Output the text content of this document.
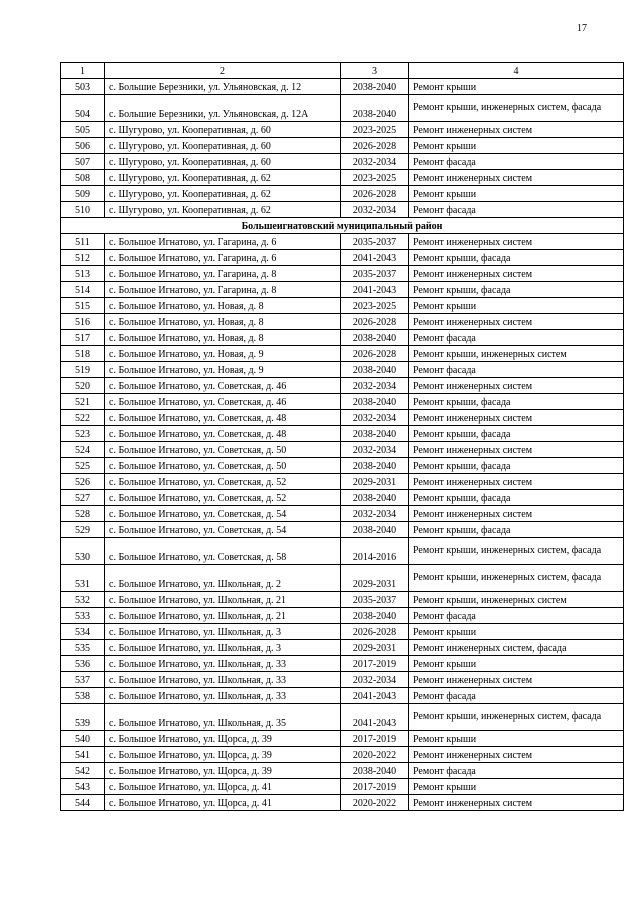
17
1	2	3	4
503	с. Большие Березники, ул. Ульяновская, д. 12	2038-2040	Ремонт крыши
504	с. Большие Березники, ул. Ульяновская, д. 12А	2038-2040	Ремонт крыши, инженерных систем, фасада
505	с. Шугурово, ул. Кооперативная, д. 60	2023-2025	Ремонт инженерных систем
506	с. Шугурово, ул. Кооперативная, д. 60	2026-2028	Ремонт крыши
507	с. Шугурово, ул. Кооперативная, д. 60	2032-2034	Ремонт фасада
508	с. Шугурово, ул. Кооперативная, д. 62	2023-2025	Ремонт инженерных систем
509	с. Шугурово, ул. Кооперативная, д. 62	2026-2028	Ремонт крыши
510	с. Шугурово, ул. Кооперативная, д. 62	2032-2034	Ремонт фасада
Большеигнатовский муниципальный район			
511	с. Большое Игнатово, ул. Гагарина, д. 6	2035-2037	Ремонт инженерных систем
512	с. Большое Игнатово, ул. Гагарина, д. 6	2041-2043	Ремонт крыши, фасада
513	с. Большое Игнатово, ул. Гагарина, д. 8	2035-2037	Ремонт инженерных систем
514	с. Большое Игнатово, ул. Гагарина, д. 8	2041-2043	Ремонт крыши, фасада
515	с. Большое Игнатово, ул. Новая, д. 8	2023-2025	Ремонт крыши
516	с. Большое Игнатово, ул. Новая, д. 8	2026-2028	Ремонт инженерных систем
517	с. Большое Игнатово, ул. Новая, д. 8	2038-2040	Ремонт фасада
518	с. Большое Игнатово, ул. Новая, д. 9	2026-2028	Ремонт крыши, инженерных систем
519	с. Большое Игнатово, ул. Новая, д. 9	2038-2040	Ремонт фасада
520	с. Большое Игнатово, ул. Советская, д. 46	2032-2034	Ремонт инженерных систем
521	с. Большое Игнатово, ул. Советская, д. 46	2038-2040	Ремонт крыши, фасада
522	с. Большое Игнатово, ул. Советская, д. 48	2032-2034	Ремонт инженерных систем
523	с. Большое Игнатово, ул. Советская, д. 48	2038-2040	Ремонт крыши, фасада
524	с. Большое Игнатово, ул. Советская, д. 50	2032-2034	Ремонт инженерных систем
525	с. Большое Игнатово, ул. Советская, д. 50	2038-2040	Ремонт крыши, фасада
526	с. Большое Игнатово, ул. Советская, д. 52	2029-2031	Ремонт инженерных систем
527	с. Большое Игнатово, ул. Советская, д. 52	2038-2040	Ремонт крыши, фасада
528	с. Большое Игнатово, ул. Советская, д. 54	2032-2034	Ремонт инженерных систем
529	с. Большое Игнатово, ул. Советская, д. 54	2038-2040	Ремонт крыши, фасада
530	с. Большое Игнатово, ул. Советская, д. 58	2014-2016	Ремонт крыши, инженерных систем, фасада
531	с. Большое Игнатово, ул. Школьная, д. 2	2029-2031	Ремонт крыши, инженерных систем, фасада
532	с. Большое Игнатово, ул. Школьная, д. 21	2035-2037	Ремонт крыши, инженерных систем
533	с. Большое Игнатово, ул. Школьная, д. 21	2038-2040	Ремонт фасада
534	с. Большое Игнатово, ул. Школьная, д. 3	2026-2028	Ремонт крыши
535	с. Большое Игнатово, ул. Школьная, д. 3	2029-2031	Ремонт инженерных систем, фасада
536	с. Большое Игнатово, ул. Школьная, д. 33	2017-2019	Ремонт крыши
537	с. Большое Игнатово, ул. Школьная, д. 33	2032-2034	Ремонт инженерных систем
538	с. Большое Игнатово, ул. Школьная, д. 33	2041-2043	Ремонт фасада
539	с. Большое Игнатово, ул. Школьная, д. 35	2041-2043	Ремонт крыши, инженерных систем, фасада
540	с. Большое Игнатово, ул. Щорса, д. 39	2017-2019	Ремонт крыши
541	с. Большое Игнатово, ул. Щорса, д. 39	2020-2022	Ремонт инженерных систем
542	с. Большое Игнатово, ул. Щорса, д. 39	2038-2040	Ремонт фасада
543	с. Большое Игнатово, ул. Щорса, д. 41	2017-2019	Ремонт крыши
544	с. Большое Игнатово, ул. Щорса, д. 41	2020-2022	Ремонт инженерных систем
